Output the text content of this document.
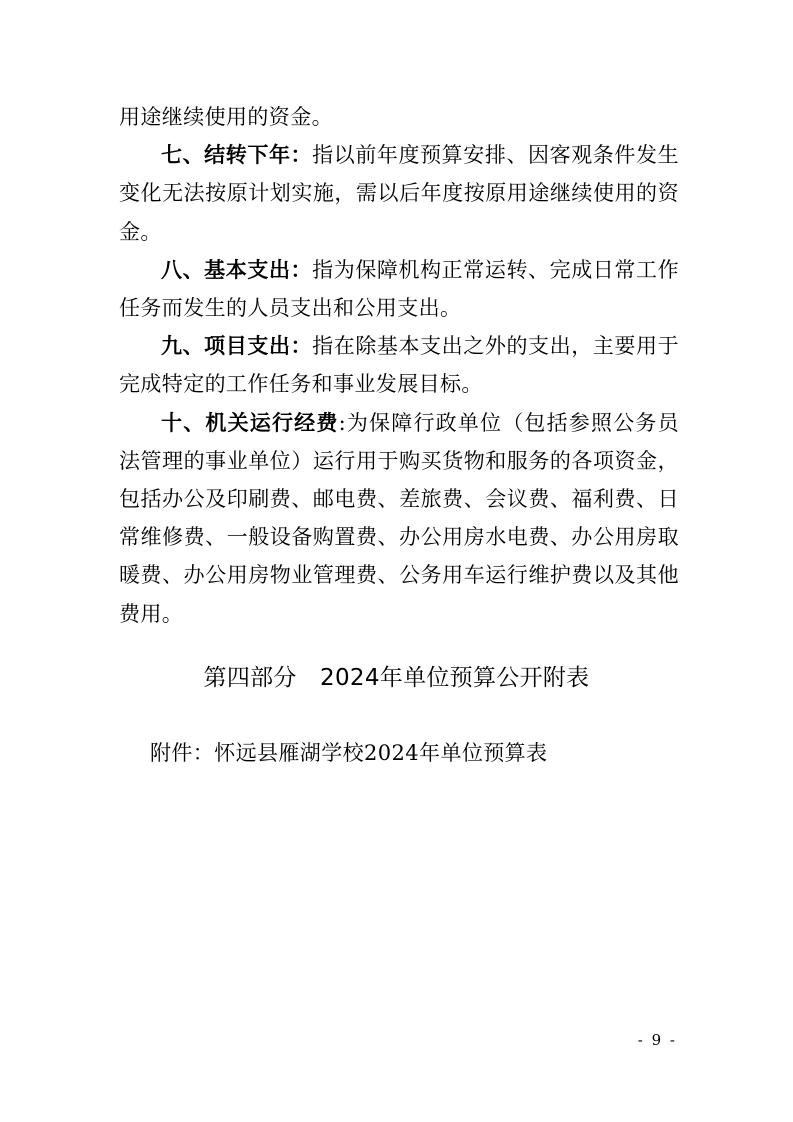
用途继续使用的资金。

七、结转下年：指以前年度预算安排、因客观条件发生变化无法按原计划实施，需以后年度按原用途继续使用的资金。

八、基本支出：指为保障机构正常运转、完成日常工作任务而发生的人员支出和公用支出。

九、项目支出：指在除基本支出之外的支出，主要用于完成特定的工作任务和事业发展目标。

十、机关运行经费:为保障行政单位（包括参照公务员法管理的事业单位）运行用于购买货物和服务的各项资金，包括办公及印刷费、邮电费、差旅费、会议费、福利费、日常维修费、一般设备购置费、办公用房水电费、办公用房取暖费、办公用房物业管理费、公务用车运行维护费以及其他费用。

第四部分　2024年单位预算公开附表
附件：怀远县雁湖学校2024年单位预算表
- 9 -
